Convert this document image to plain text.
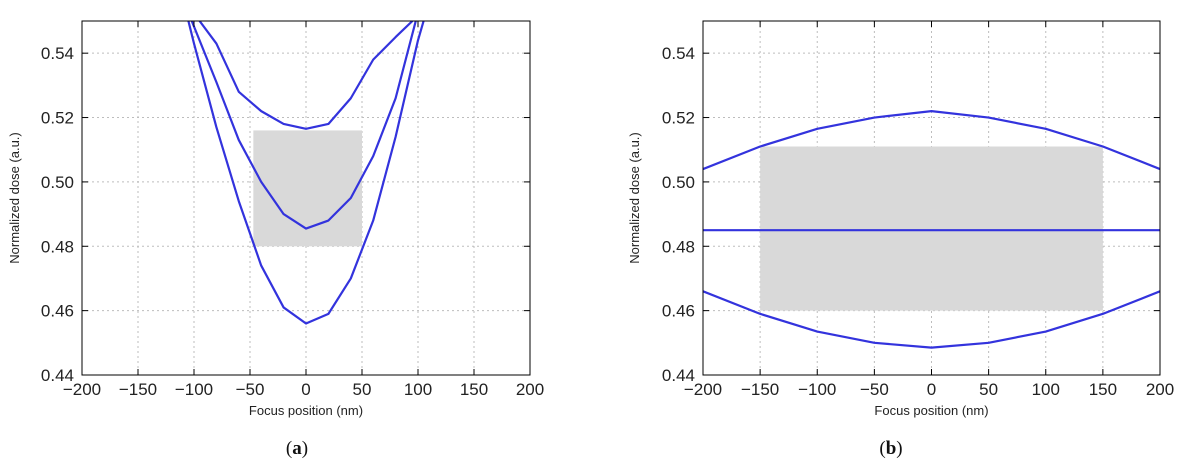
−200 −150 −100 −50 0 50 100 150 200
0.44
0.46
0.48
0.50
0.52
0.54
Focus position (nm)
Normalized dose (a.u.)
(a)
−200 −150 −100 −50 0	50 100 150 200
0.44
0.46
0.48
0.50
0.52
0.54
Focus position (nm)
Normalized dose (a.u.)
(b)
